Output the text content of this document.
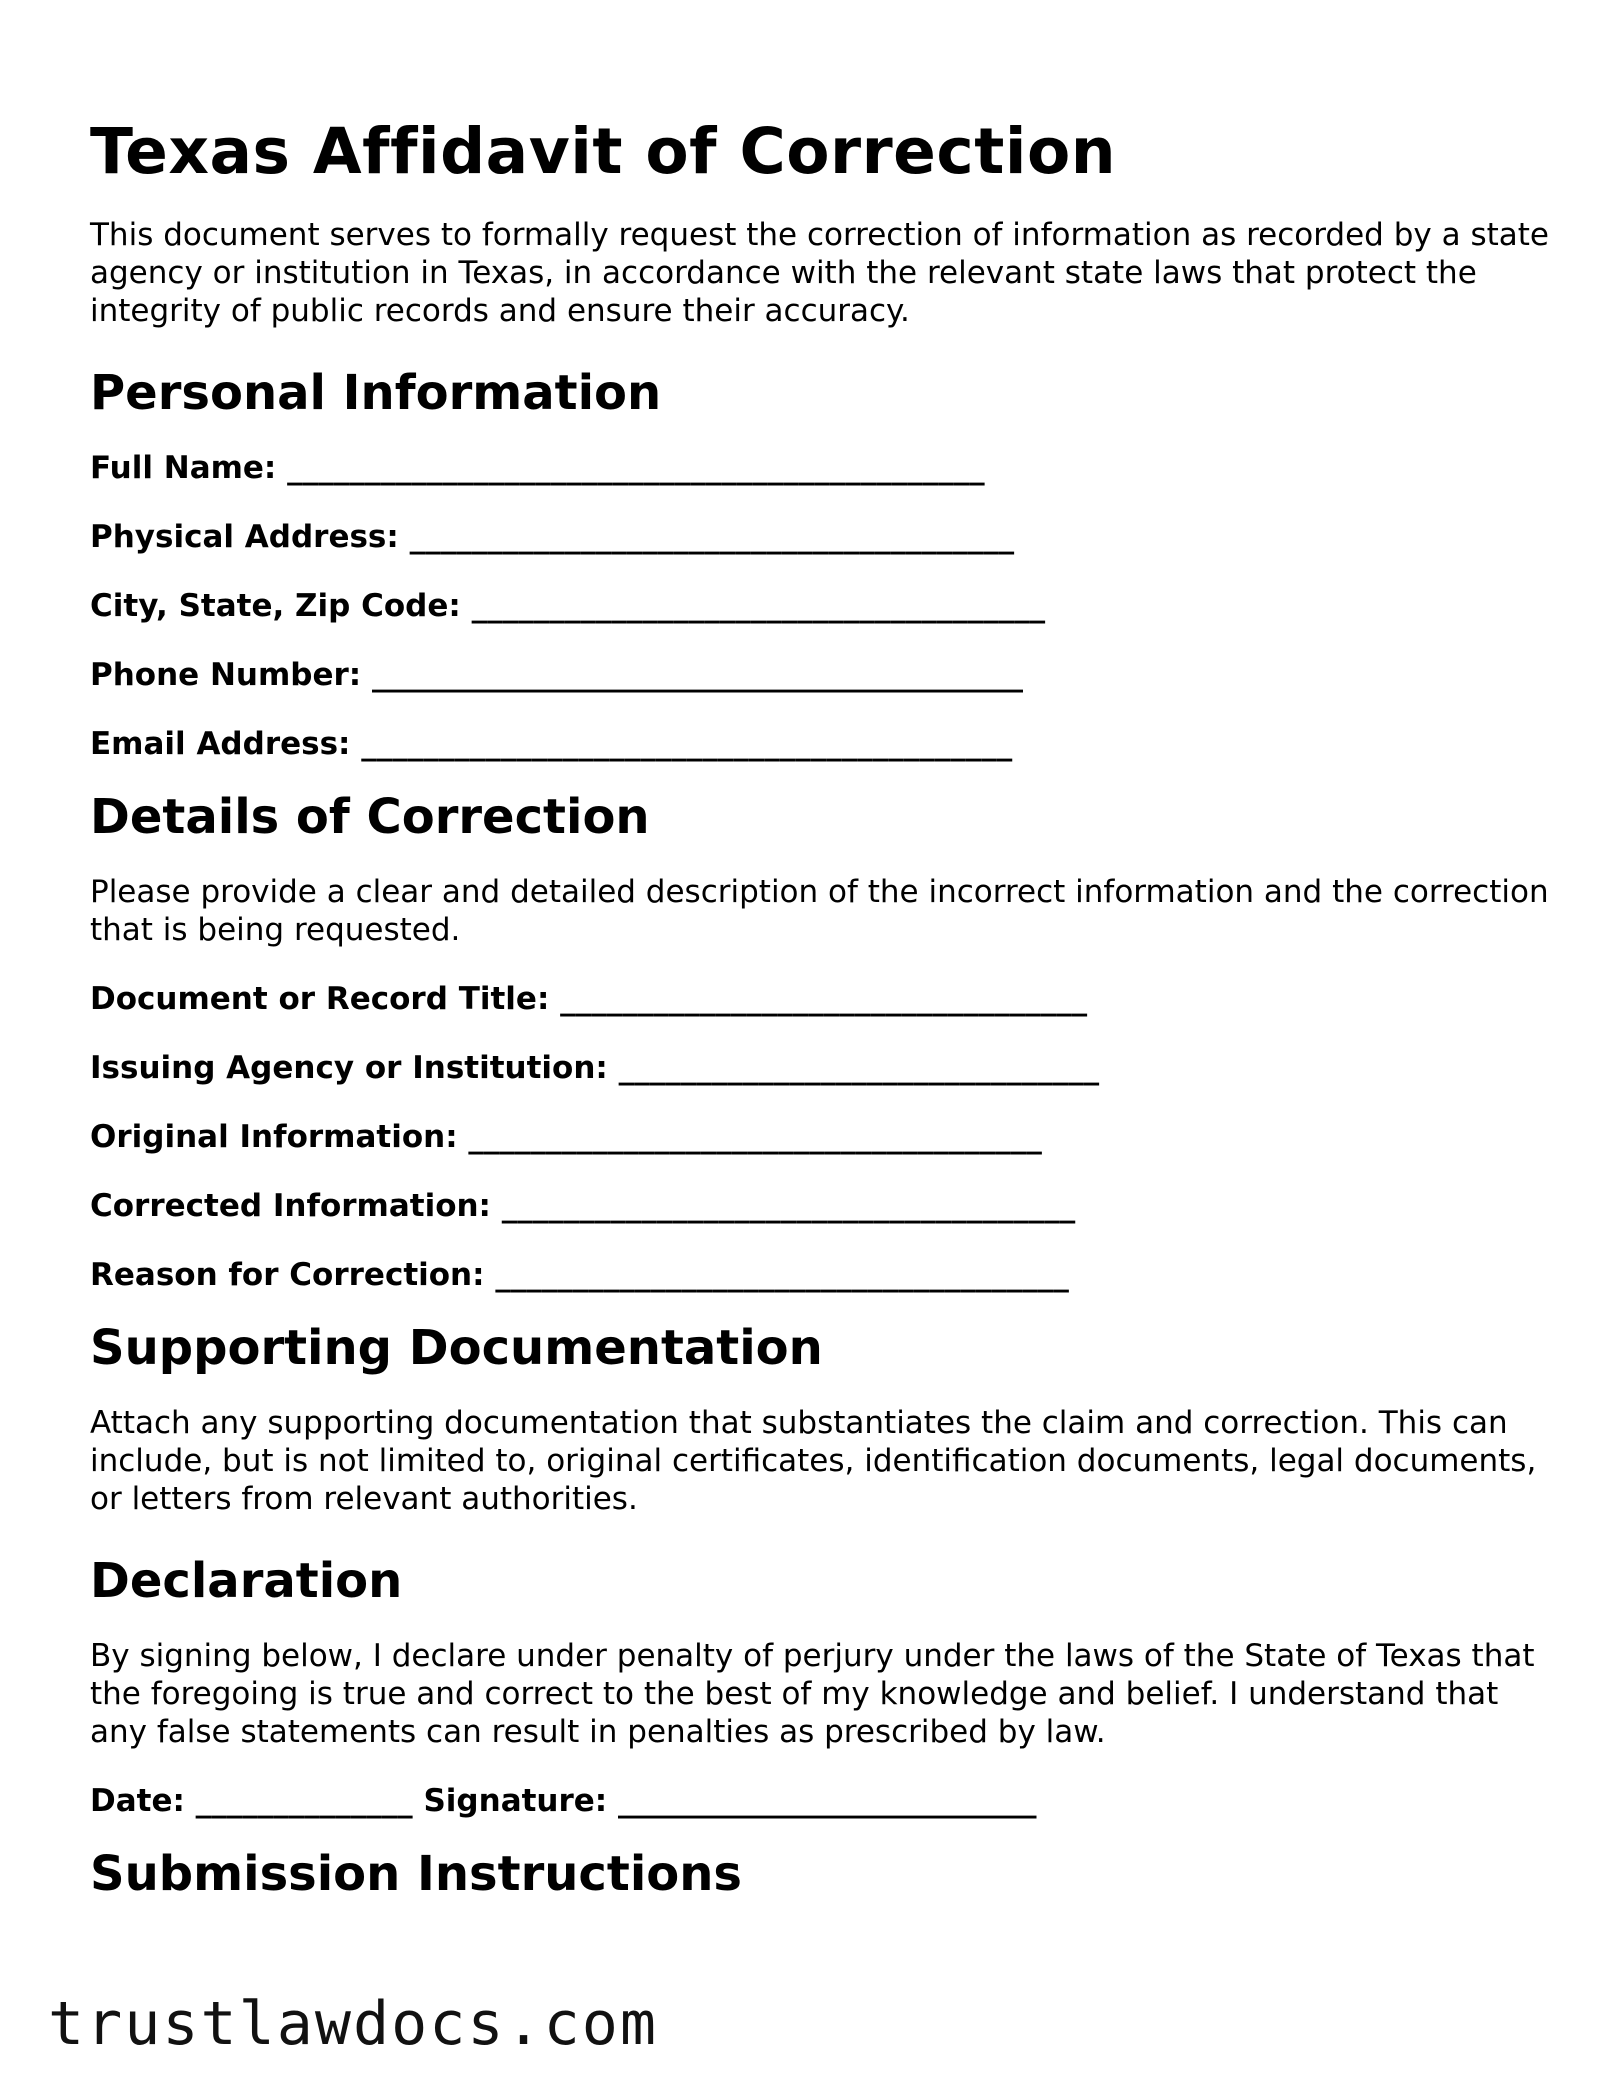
Texas Affidavit of Correction

This document serves to formally request the correction of information as recorded by a state agency or institution in Texas, in accordance with the relevant state laws that protect the integrity of public records and ensure their accuracy.

Personal Information

Full Name: _____________________________________________

Physical Address: _______________________________________

City, State, Zip Code: _____________________________________

Phone Number: __________________________________________

Email Address: __________________________________________

Details of Correction

Please provide a clear and detailed description of the incorrect information and the correction that is being requested.

Document or Record Title: __________________________________

Issuing Agency or Institution: _______________________________

Original Information: _____________________________________

Corrected Information: _____________________________________

Reason for Correction: _____________________________________

Supporting Documentation

Attach any supporting documentation that substantiates the claim and correction. This can include, but is not limited to, original certificates, identification documents, legal documents, or letters from relevant authorities.

Declaration

By signing below, I declare under penalty of perjury under the laws of the State of Texas that the foregoing is true and correct to the best of my knowledge and belief. I understand that any false statements can result in penalties as prescribed by law.

Date: ______________ Signature: ___________________________

Submission Instructions
trustlawdocs.com
